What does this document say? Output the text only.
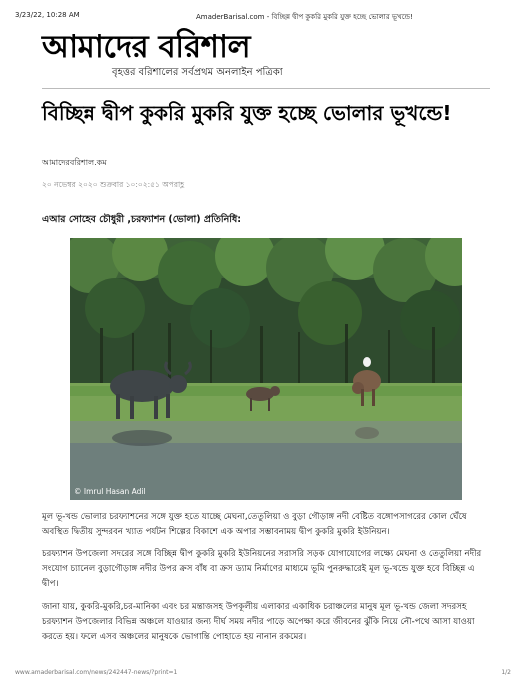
3/23/22, 10:28 AM	AmaderBarisal.com - বিচ্ছিন্ন দ্বীপ কুকরি মুকরি যুক্ত হচ্ছে ভোলার ভূখন্ডে!
আমাদের বরিশাল
বৃহত্তর বরিশালের সর্বপ্রথম অনলাইন পত্রিকা
বিচ্ছিন্ন দ্বীপ কুকরি মুকরি যুক্ত হচ্ছে ভোলার ভূখন্ডে!
আমাদেরবরিশাল.কম
২০ নভেম্বর ২০২০ শুক্রবার ১০:০২:৫১ অপরাহ্ণ
এআর সোহেব চৌধুরী ,চরফ্যাশন (ভোলা) প্রতিনিধি:
© Imrul Hasan Adil
মূল ভূ-খন্ড ভোলার চরফ্যাশনের সঙ্গে যুক্ত হতে যাচ্ছে মেঘনা,তেতুলিয়া ও বুড়া গৌড়াঙ্গ নদী বেষ্টিত বঙ্গোপসাগরের কোল ঘেঁষে অবস্থিত দ্বিতীয় সুন্দরবন খ্যাত পর্যটন শিল্পের বিকাশে এক অপার সম্ভাবনাময় দ্বীপ কুকরি মুকরি ইউনিয়ন।
চরফ্যাশন উপজেলা সদরের সঙ্গে বিচ্ছিন্ন দ্বীপ কুকরি মুকরি ইউনিয়নের সরাসরি সড়ক যোগাযোগের লক্ষ্যে মেঘনা ও তেতুলিয়া নদীর সংযোগ চ্যানেল বুড়াগৌড়াঙ্গ নদীর উপর ক্রস বাঁধ বা ক্রস ড্যাম নির্মাণের মাধ্যমে ভূমি পুনরুদ্ধারেই মূল ভূ-খন্ডে যুক্ত হবে বিচ্ছিন্ন এ দ্বীপ।
জানা যায়, কুকরি-মুকরি,চর-মানিকা এবং চর মন্তাজসহ উপকূলীয় এলাকার একাধিক চরাঞ্চলের মানুষ মূল ভূ-খন্ড জেলা সদরসহ চরফ্যাশন উপজেলার বিভিন্ন অঞ্চলে যাওয়ার জন্য দীর্ঘ সময় নদীর পাড়ে অপেক্ষা করে জীবনের ঝুঁকি নিয়ে নৌ-পথে আসা যাওয়া করতে হয়। ফলে এসব অঞ্চলের মানুষকে ভোগান্তি পোহাতে হয় নানান রকমের।
www.amaderbarisal.com/news/242447-news/?print=1	1/2
